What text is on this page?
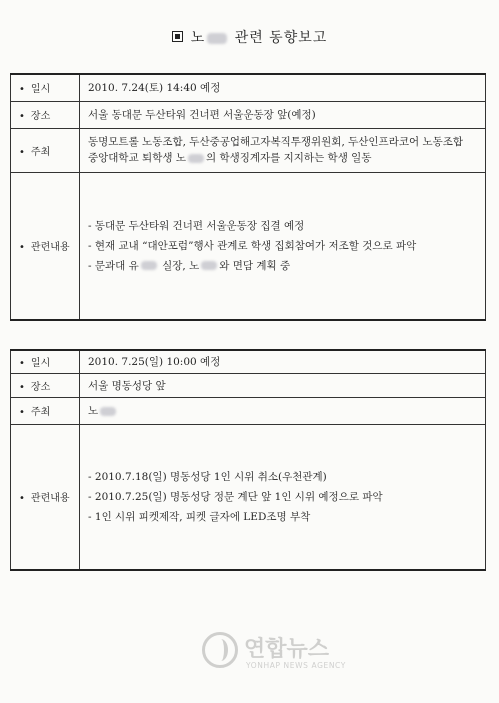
노 관련 동향보고
• 일시	2010. 7.24(토) 14:40 예정
• 장소	서울 동대문 두산타워 건너편 서울운동장 앞(예정)
• 주최	동명모트롤 노동조합, 두산중공업해고자복직투쟁위원회, 두산인프라코어 노동조합
중앙대학교 퇴학생 노 의 학생징계자를 지지하는 학생 일동

• 관련내용	- 동대문 두산타워 건너편 서울운동장 집결 예정
- 현재 교내 “대안포럼”행사 관계로 학생 집회참여가 저조할 것으로 파악
- 문과대 유 실장, 노 와 면담 계획 중
• 일시	2010. 7.25(일) 10:00 예정
• 장소	서울 명동성당 앞
• 주최	노
• 관련내용	- 2010.7.18(일) 명동성당 1인 시위 취소(우천관계)
- 2010.7.25(일) 명동성당 정문 계단 앞 1인 시위 예정으로 파악
- 1인 시위 피켓제작, 피켓 글자에 LED조명 부착
연합뉴스
YONHAP NEWS AGENCY
